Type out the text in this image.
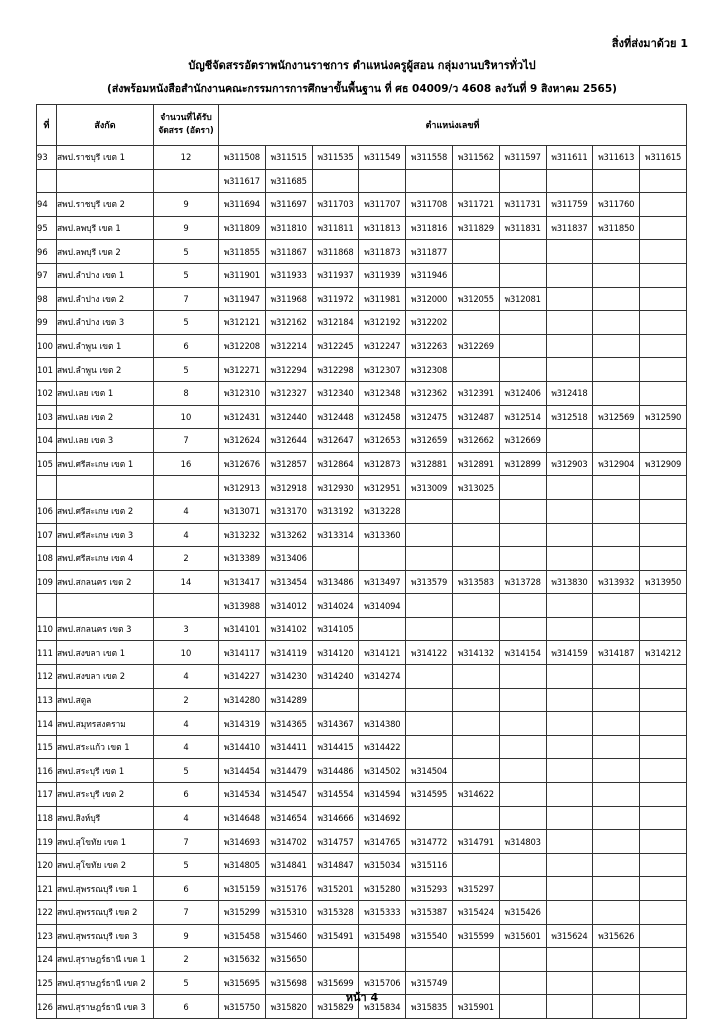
สิ่งที่ส่งมาด้วย 1
บัญชีจัดสรรอัตราพนักงานราชการ ตำแหน่งครูผู้สอน กลุ่มงานบริหารทั่วไป
(ส่งพร้อมหนังสือสำนักงานคณะกรรมการการศึกษาขั้นพื้นฐาน ที่ ศธ 04009/ว 4608 ลงวันที่ 9 สิงหาคม 2565)
ที่	สังกัด	จำนวนที่ได้รับ จัดสรร (อัตรา)	ตำแหน่งเลขที่									
93	สพป.ราชบุรี เขต 1	12	พ311508	พ311515	พ311535	พ311549	พ311558	พ311562	พ311597	พ311611	พ311613	พ311615
			พ311617	พ311685								
94	สพป.ราชบุรี เขต 2	9	พ311694	พ311697	พ311703	พ311707	พ311708	พ311721	พ311731	พ311759	พ311760	
95	สพป.ลพบุรี เขต 1	9	พ311809	พ311810	พ311811	พ311813	พ311816	พ311829	พ311831	พ311837	พ311850	
96	สพป.ลพบุรี เขต 2	5	พ311855	พ311867	พ311868	พ311873	พ311877					
97	สพป.ลำปาง เขต 1	5	พ311901	พ311933	พ311937	พ311939	พ311946					
98	สพป.ลำปาง เขต 2	7	พ311947	พ311968	พ311972	พ311981	พ312000	พ312055	พ312081			
99	สพป.ลำปาง เขต 3	5	พ312121	พ312162	พ312184	พ312192	พ312202					
100	สพป.ลำพูน เขต 1	6	พ312208	พ312214	พ312245	พ312247	พ312263	พ312269				
101	สพป.ลำพูน เขต 2	5	พ312271	พ312294	พ312298	พ312307	พ312308					
102	สพป.เลย เขต 1	8	พ312310	พ312327	พ312340	พ312348	พ312362	พ312391	พ312406	พ312418		
103	สพป.เลย เขต 2	10	พ312431	พ312440	พ312448	พ312458	พ312475	พ312487	พ312514	พ312518	พ312569	พ312590
104	สพป.เลย เขต 3	7	พ312624	พ312644	พ312647	พ312653	พ312659	พ312662	พ312669			
105	สพป.ศรีสะเกษ เขต 1	16	พ312676	พ312857	พ312864	พ312873	พ312881	พ312891	พ312899	พ312903	พ312904	พ312909
			พ312913	พ312918	พ312930	พ312951	พ313009	พ313025				
106	สพป.ศรีสะเกษ เขต 2	4	พ313071	พ313170	พ313192	พ313228						
107	สพป.ศรีสะเกษ เขต 3	4	พ313232	พ313262	พ313314	พ313360						
108	สพป.ศรีสะเกษ เขต 4	2	พ313389	พ313406								
109	สพป.สกลนคร เขต 2	14	พ313417	พ313454	พ313486	พ313497	พ313579	พ313583	พ313728	พ313830	พ313932	พ313950
			พ313988	พ314012	พ314024	พ314094						
110	สพป.สกลนคร เขต 3	3	พ314101	พ314102	พ314105							
111	สพป.สงขลา เขต 1	10	พ314117	พ314119	พ314120	พ314121	พ314122	พ314132	พ314154	พ314159	พ314187	พ314212
112	สพป.สงขลา เขต 2	4	พ314227	พ314230	พ314240	พ314274						
113	สพป.สตูล	2	พ314280	พ314289								
114	สพป.สมุทรสงคราม	4	พ314319	พ314365	พ314367	พ314380						
115	สพป.สระแก้ว เขต 1	4	พ314410	พ314411	พ314415	พ314422						
116	สพป.สระบุรี เขต 1	5	พ314454	พ314479	พ314486	พ314502	พ314504					
117	สพป.สระบุรี เขต 2	6	พ314534	พ314547	พ314554	พ314594	พ314595	พ314622				
118	สพป.สิงห์บุรี	4	พ314648	พ314654	พ314666	พ314692						
119	สพป.สุโขทัย เขต 1	7	พ314693	พ314702	พ314757	พ314765	พ314772	พ314791	พ314803			
120	สพป.สุโขทัย เขต 2	5	พ314805	พ314841	พ314847	พ315034	พ315116					
121	สพป.สุพรรณบุรี เขต 1	6	พ315159	พ315176	พ315201	พ315280	พ315293	พ315297				
122	สพป.สุพรรณบุรี เขต 2	7	พ315299	พ315310	พ315328	พ315333	พ315387	พ315424	พ315426			
123	สพป.สุพรรณบุรี เขต 3	9	พ315458	พ315460	พ315491	พ315498	พ315540	พ315599	พ315601	พ315624	พ315626	
124	สพป.สุราษฎร์ธานี เขต 1	2	พ315632	พ315650								
125	สพป.สุราษฎร์ธานี เขต 2	5	พ315695	พ315698	พ315699	พ315706	พ315749					
126	สพป.สุราษฎร์ธานี เขต 3	6	พ315750	พ315820	พ315829	พ315834	พ315835	พ315901				
หน้า 4
